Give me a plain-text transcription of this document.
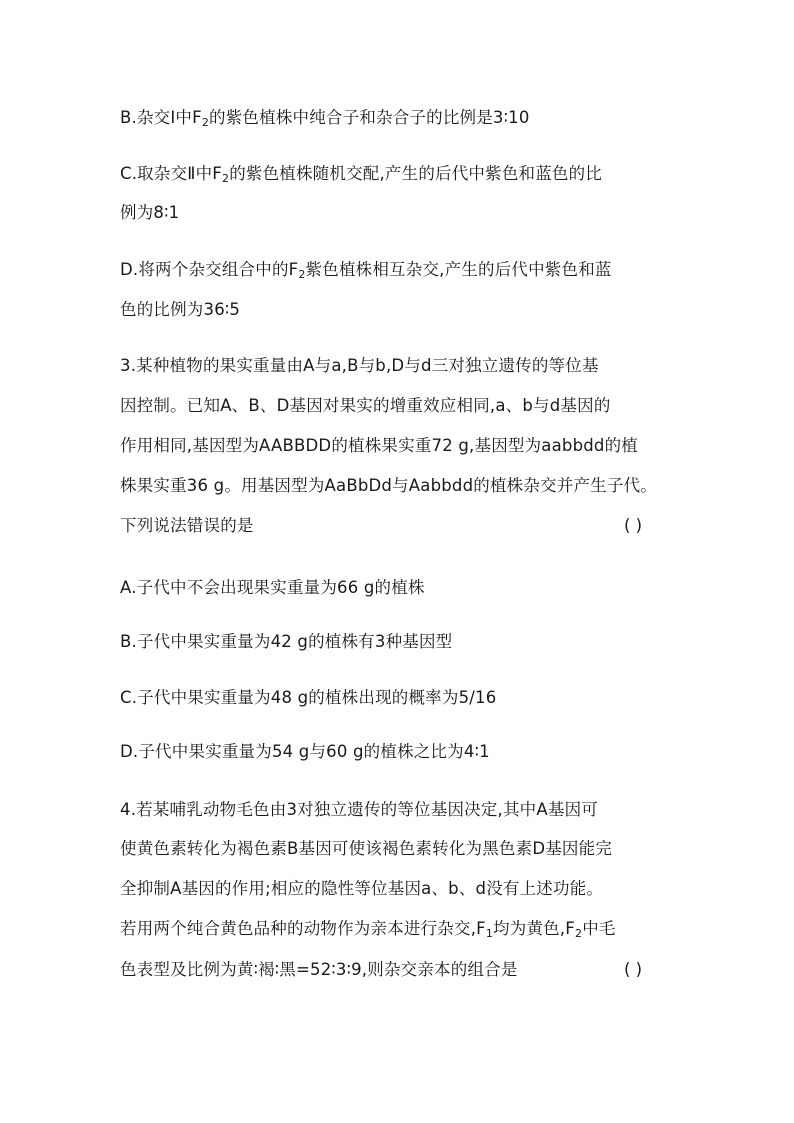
B.杂交Ⅰ中$F_2$的紫色植株中纯合子和杂合子的比例是3∶10
C.取杂交Ⅱ中$F_2$的紫色植株随机交配,产生的后代中紫色和蓝色的比
例为8∶1
D.将两个杂交组合中的$F_2$紫色植株相互杂交,产生的后代中紫色和蓝
色的比例为36∶5
3.某种植物的果实重量由A与a,B与b,D与d三对独立遗传的等位基
因控制。已知A、B、D基因对果实的增重效应相同,a、b与d基因的
作用相同,基因型为AABBDD的植株果实重72 g,基因型为aabbdd的植
株果实重36 g。用基因型为AaBbDd与Aabbdd的植株杂交并产生子代。
下列说法错误的是	( )
A.子代中不会出现果实重量为66 g的植株
B.子代中果实重量为42 g的植株有3种基因型
C.子代中果实重量为48 g的植株出现的概率为5/16
D.子代中果实重量为54 g与60 g的植株之比为4∶1
4.若某哺乳动物毛色由3对独立遗传的等位基因决定,其中A基因可
使黄色素转化为褐色素B基因可使该褐色素转化为黑色素D基因能完
全抑制A基因的作用;相应的隐性等位基因a、b、d没有上述功能。
若用两个纯合黄色品种的动物作为亲本进行杂交$,F_1$均为黄色$,F_2$中毛
色表型及比例为黄∶褐∶黑=52∶3∶9,则杂交亲本的组合是	( )
